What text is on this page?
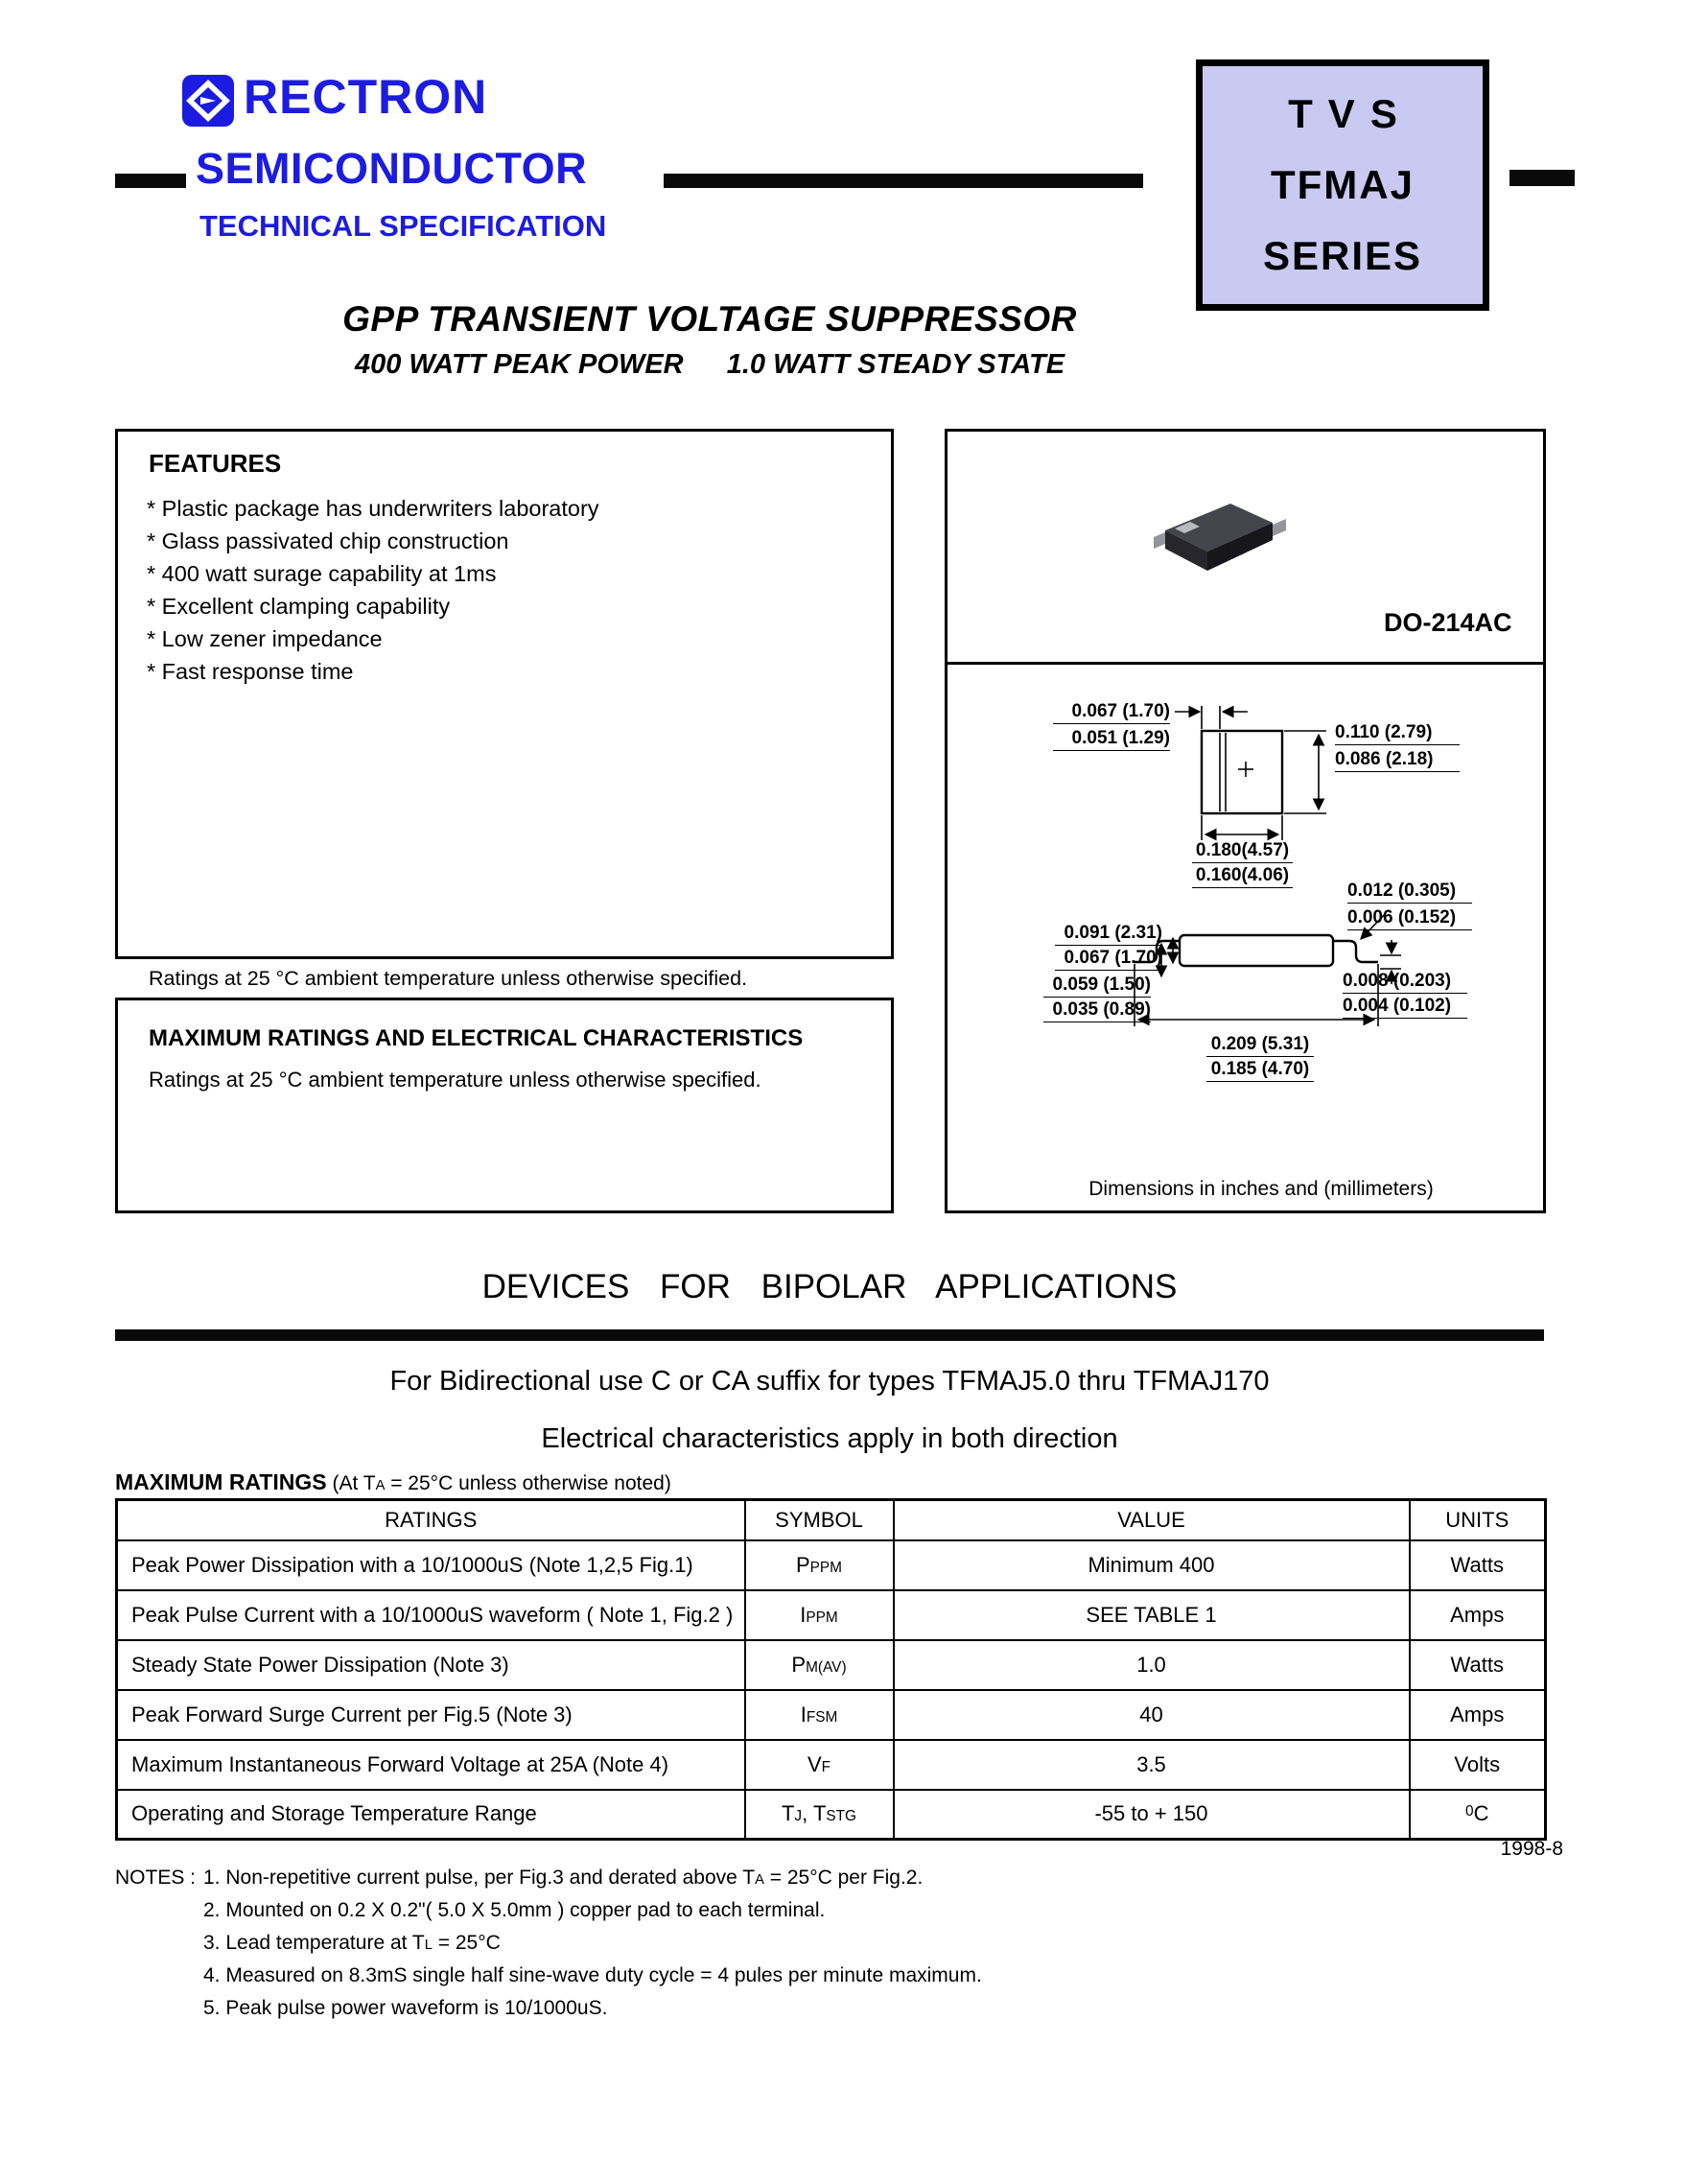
RECTRON
SEMICONDUCTOR
TECHNICAL SPECIFICATION
TVS
TFMAJ
SERIES
GPP TRANSIENT VOLTAGE SUPPRESSOR
400 WATT PEAK POWER   1.0 WATT STEADY STATE
FEATURES
* Plastic package has underwriters laboratory
* Glass passivated chip construction
* 400 watt surage capability at 1ms
* Excellent clamping capability
* Low zener impedance
* Fast response time
Ratings at 25 °C ambient temperature unless otherwise specified.
MAXIMUM RATINGS AND ELECTRICAL CHARACTERISTICS
Ratings at 25 °C ambient temperature unless otherwise specified.
DO-214AC
0.067 (1.70)
0.051 (1.29)	0.110 (2.79)
0.086 (2.18)
0.180(4.57)
0.160(4.06)
0.012 (0.305)
0.006 (0.152)
0.091 (2.31)
0.067 (1.70)
0.059 (1.50)
0.035 (0.89)
0.008 (0.203)
0.004 (0.102)
0.209 (5.31)
0.185 (4.70)
Dimensions in inches and (millimeters)
DEVICES FOR BIPOLAR APPLICATIONS
For Bidirectional use C or CA suffix for types TFMAJ5.0 thru TFMAJ170
Electrical characteristics apply in both direction
MAXIMUM RATINGS (At TA = 25°C unless otherwise noted)
RATINGS	SYMBOL	VALUE	UNITS
Peak Power Dissipation with a 10/1000uS (Note 1,2,5 Fig.1)	PPPM	Minimum 400	Watts
Peak Pulse Current with a 10/1000uS waveform ( Note 1, Fig.2 )	IPPM	SEE TABLE 1	Amps
Steady State Power Dissipation (Note 3)	PM(AV)	1.0	Watts
Peak Forward Surge Current per Fig.5 (Note 3)	IFSM	40	Amps
Maximum Instantaneous Forward Voltage at 25A (Note 4)	VF	3.5	Volts
Operating and Storage Temperature Range	TJ, TSTG	-55 to + 150	$^0$C
1998-8
NOTES : 1. Non-repetitive current pulse, per Fig.3 and derated above TA = 25°C per Fig.2.
2. Mounted on 0.2 X 0.2"( 5.0 X 5.0mm ) copper pad to each terminal.
3. Lead temperature at TL = 25°C
4. Measured on 8.3mS single half sine-wave duty cycle = 4 pules per minute maximum.
5. Peak pulse power waveform is 10/1000uS.
